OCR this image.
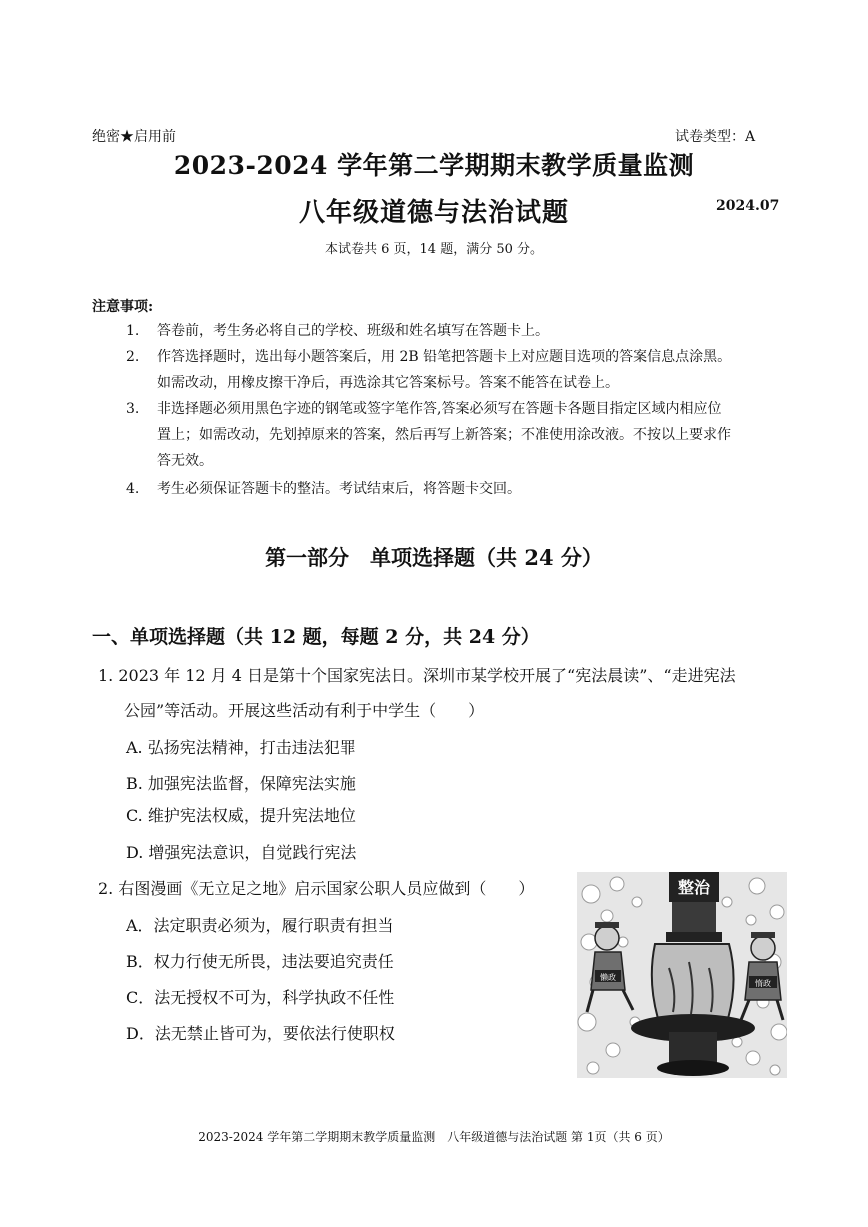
绝密★启用前	试卷类型：A
2023-2024 学年第二学期期末教学质量监测
八年级道德与法治试题	2024.07
本试卷共 6 页，14 题，满分 50 分。
注意事项:
1. 答卷前，考生务必将自己的学校、班级和姓名填写在答题卡上。
2. 作答选择题时，选出每小题答案后，用 2B 铅笔把答题卡上对应题目选项的答案信息点涂黑。
如需改动，用橡皮擦干净后，再选涂其它答案标号。答案不能答在试卷上。
3. 非选择题必须用黑色字迹的钢笔或签字笔作答,答案必须写在答题卡各题目指定区域内相应位
置上；如需改动，先划掉原来的答案，然后再写上新答案；不准使用涂改液。不按以上要求作
答无效。
4. 考生必须保证答题卡的整洁。考试结束后，将答题卡交回。
第一部分　单项选择题（共 24 分）
一、单项选择题（共 12 题，每题 2 分，共 24 分）
1. 2023 年 12 月 4 日是第十个国家宪法日。深圳市某学校开展了“宪法晨读”、“走进宪法
公园”等活动。开展这些活动有利于中学生（　　）
A. 弘扬宪法精神，打击违法犯罪
B. 加强宪法监督，保障宪法实施
C. 维护宪法权威，提升宪法地位
D. 增强宪法意识，自觉践行宪法
2. 右图漫画《无立足之地》启示国家公职人员应做到（　　）
A．法定职责必须为，履行职责有担当
B．权力行使无所畏，违法要追究责任
C．法无授权不可为，科学执政不任性
D．法无禁止皆可为，要依法行使职权
整治
懒政
惰政
2023-2024 学年第二学期期末教学质量监测　八年级道德与法治试题 第 1页（共 6 页）
